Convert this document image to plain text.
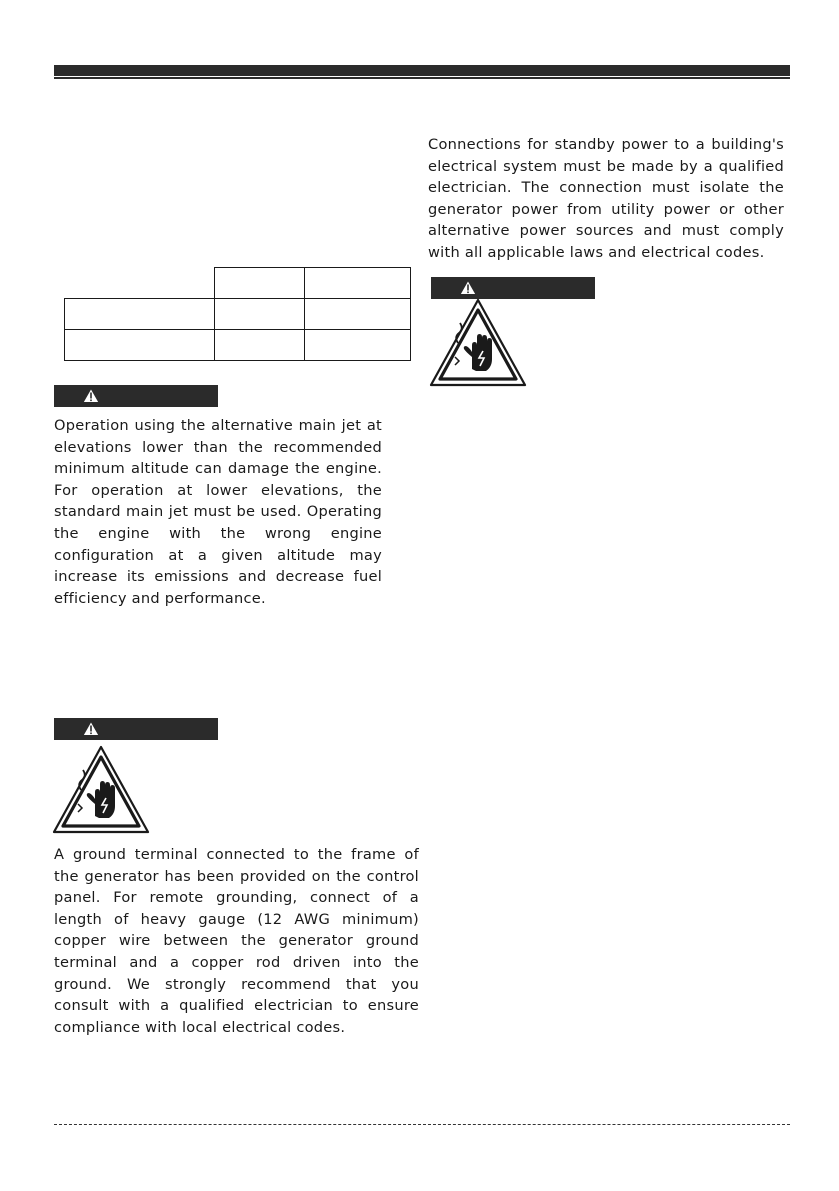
Connections for standby power to a building's electrical system must be made by a qualified electrician. The connection must isolate the generator power from utility power or other alternative power sources and must comply with all applicable laws and electrical codes.

Operation using the alternative main jet at elevations lower than the recommended minimum altitude can damage the engine. For operation at lower elevations, the standard main jet must be used. Operating the engine with the wrong engine configuration at a given altitude may increase its emissions and decrease fuel efficiency and performance.

A ground terminal connected to the frame of the generator has been provided on the control panel. For remote grounding, connect of a length of heavy gauge (12 AWG minimum) copper wire between the generator ground terminal and a copper rod driven into the ground. We strongly recommend that you consult with a qualified electrician to ensure compliance with local electrical codes.
